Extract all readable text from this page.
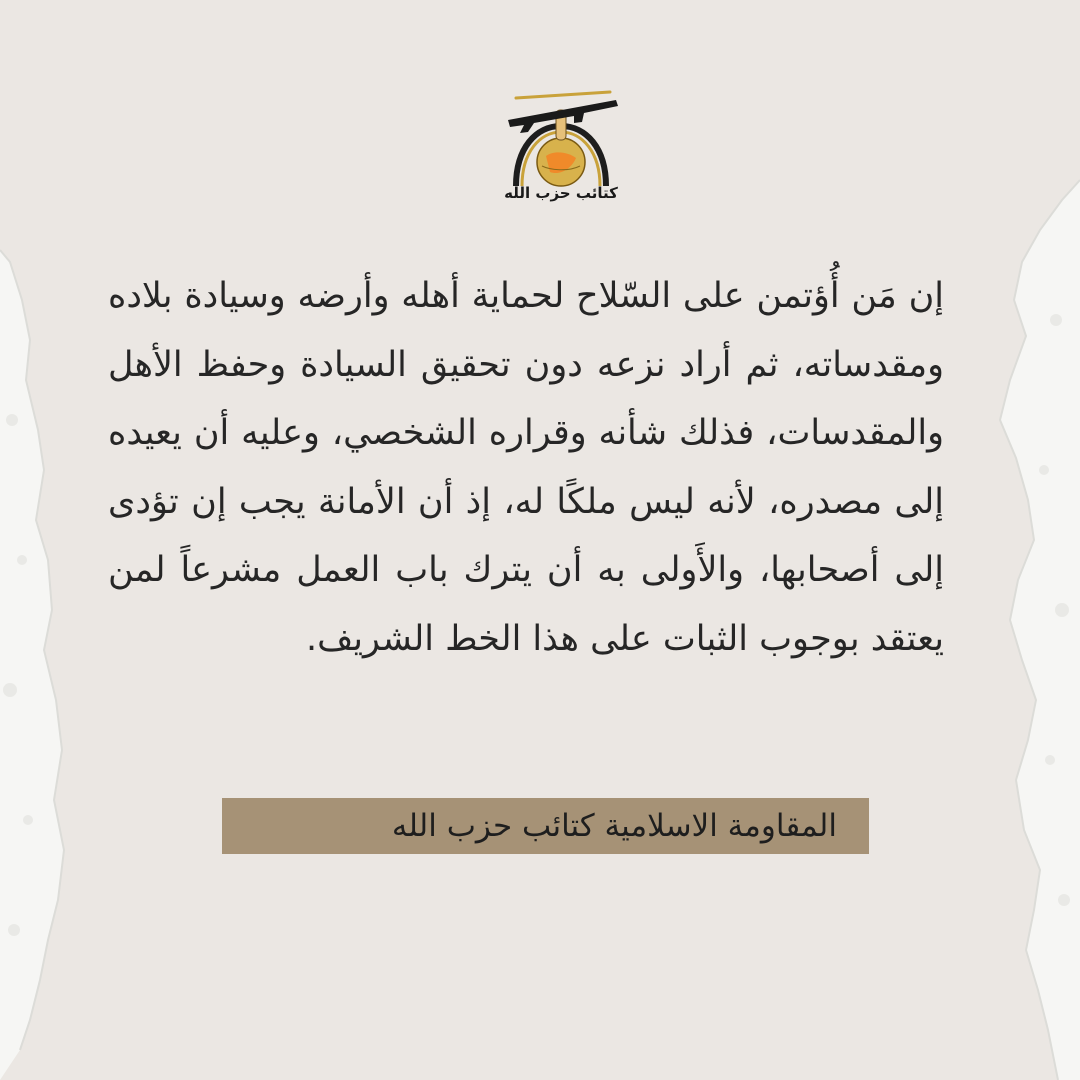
كتائب حزب الله

إن مَن أُؤتمن على السّلاح لحماية أهله وأرضه وسيادة بلاده ومقدساته، ثم أراد نزعه دون تحقيق السيادة وحفظ الأهل والمقدسات، فذلك شأنه وقراره الشخصي، وعليه أن يعيده إلى مصدره، لأنه ليس ملكًا له، إذ أن الأمانة يجب إن تؤدى إلى أصحابها، والأَولى به أن يترك باب العمل مشرعاً لمن يعتقد بوجوب الثبات على هذا الخط الشريف.

المقاومة الاسلامية كتائب حزب الله
